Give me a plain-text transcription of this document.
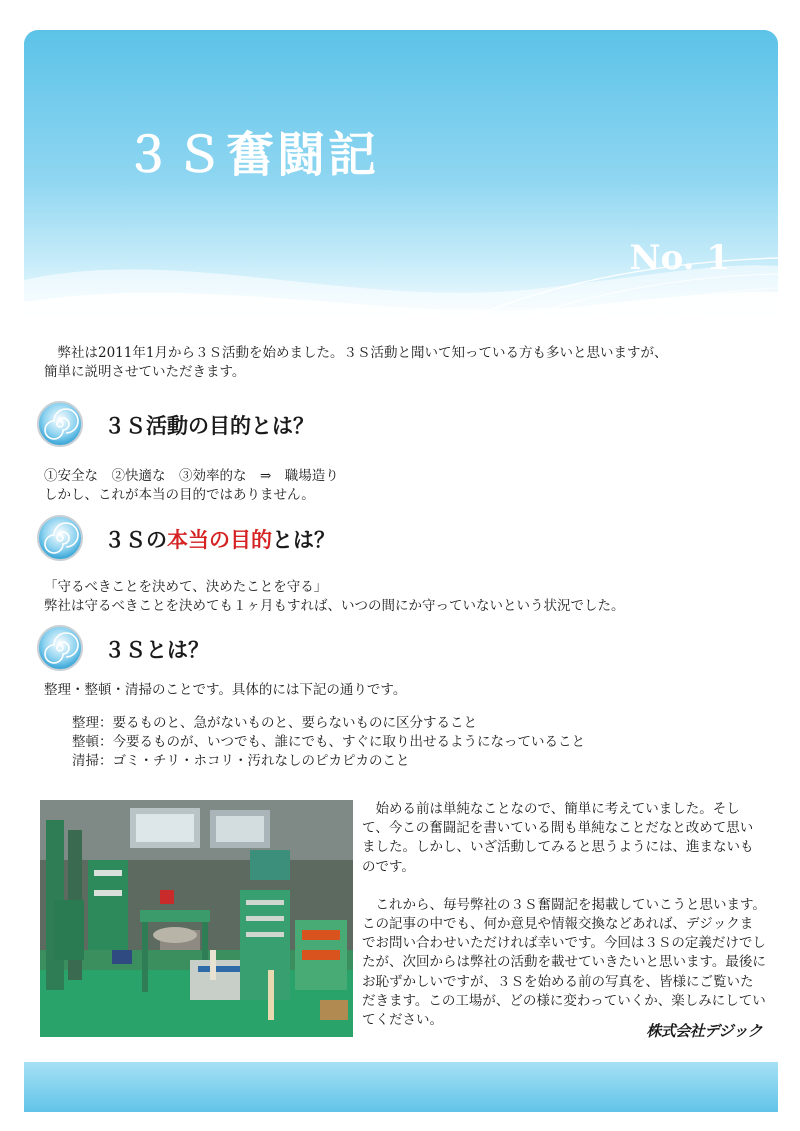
３Ｓ奮闘記
No. 1

　弊社は2011年1月から３Ｓ活動を始めました。３Ｓ活動と聞いて知っている方も多いと思いますが、

簡単に説明させていただきます。

３Ｓ活動の目的とは？

①安全な　②快適な　③効率的な　⇒　職場造り

しかし、これが本当の目的ではありません。

３Ｓの本当の目的とは？

「守るべきことを決めて、決めたことを守る」

弊社は守るべきことを決めても１ヶ月もすれば、いつの間にか守っていないという状況でした。

３Ｓとは？

整理・整頓・清掃のことです。具体的には下記の通りです。

整理：要るものと、急がないものと、要らないものに区分すること

整頓：今要るものが、いつでも、誰にでも、すぐに取り出せるようになっていること

清掃：ゴミ・チリ・ホコリ・汚れなしのピカピカのこと

始める前は単純なことなので、簡単に考えていました。そして、今この奮闘記を書いている間も単純なことだなと改めて思いました。しかし、いざ活動してみると思うようには、進まないものです。

これから、毎号弊社の３Ｓ奮闘記を掲載していこうと思います。この記事の中でも、何か意見や情報交換などあれば、デジックまでお問い合わせいただければ幸いです。今回は３Ｓの定義だけでしたが、次回からは弊社の活動を載せていきたいと思います。最後にお恥ずかしいですが、３Ｓを始める前の写真を、皆様にご覧いただきます。この工場が、どの様に変わっていくか、楽しみにしていてください。

株式会社デジック
